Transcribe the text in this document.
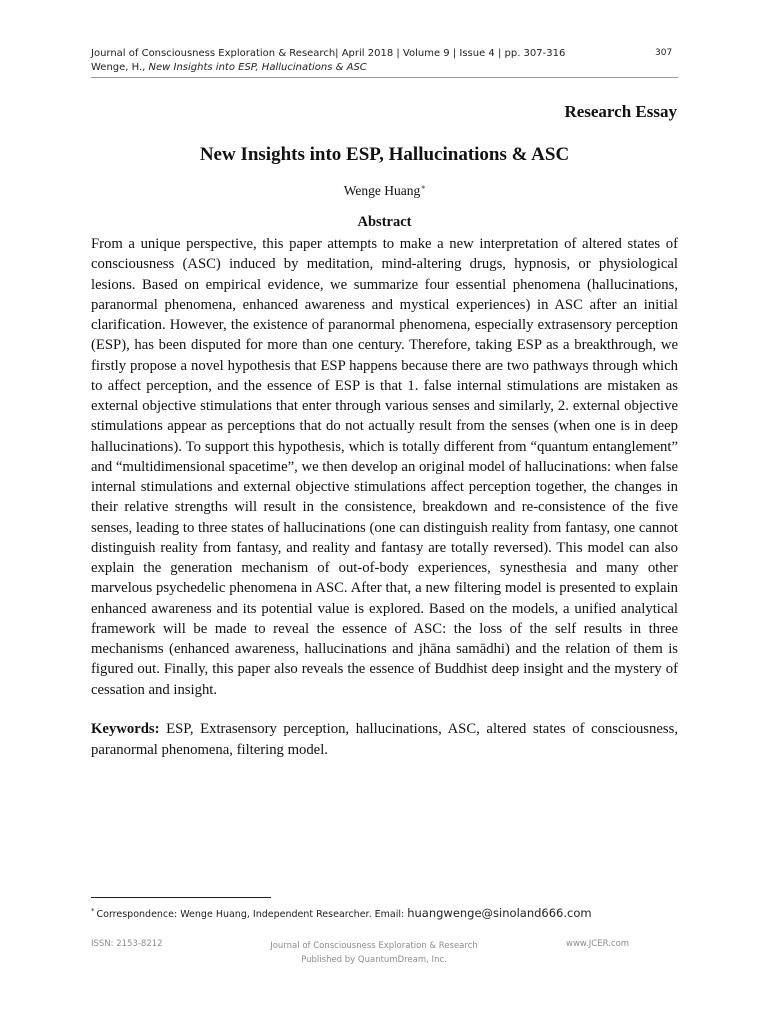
Journal of Consciousness Exploration & Research| April 2018 | Volume 9 | Issue 4 | pp. 307-316
Wenge, H., New Insights into ESP, Hallucinations & ASC
307
Research Essay
New Insights into ESP, Hallucinations & ASC
Wenge Huang*
Abstract

From a unique perspective, this paper attempts to make a new interpretation of altered states of consciousness (ASC) induced by meditation, mind-altering drugs, hypnosis, or physiological lesions. Based on empirical evidence, we summarize four essential phenomena (hallucinations, paranormal phenomena, enhanced awareness and mystical experiences) in ASC after an initial clarification. However, the existence of paranormal phenomena, especially extrasensory perception (ESP), has been disputed for more than one century. Therefore, taking ESP as a breakthrough, we firstly propose a novel hypothesis that ESP happens because there are two pathways through which to affect perception, and the essence of ESP is that 1. false internal stimulations are mistaken as external objective stimulations that enter through various senses and similarly, 2. external objective stimulations appear as perceptions that do not actually result from the senses (when one is in deep hallucinations). To support this hypothesis, which is totally different from “quantum entanglement” and “multidimensional spacetime”, we then develop an original model of hallucinations: when false internal stimulations and external objective stimulations affect perception together, the changes in their relative strengths will result in the consistence, breakdown and re-consistence of the five senses, leading to three states of hallucinations (one can distinguish reality from fantasy, one cannot distinguish reality from fantasy, and reality and fantasy are totally reversed). This model can also explain the generation mechanism of out-of-body experiences, synesthesia and many other marvelous psychedelic phenomena in ASC. After that, a new filtering model is presented to explain enhanced awareness and its potential value is explored. Based on the models, a unified analytical framework will be made to reveal the essence of ASC: the loss of the self results in three mechanisms (enhanced awareness, hallucinations and jhāna samādhi) and the relation of them is figured out. Finally, this paper also reveals the essence of Buddhist deep insight and the mystery of cessation and insight.

Keywords: ESP, Extrasensory perception, hallucinations, ASC, altered states of consciousness, paranormal phenomena, filtering model.

* Correspondence: Wenge Huang, Independent Researcher. Email: huangwenge@sinoland666.com
ISSN: 2153-8212	Journal of Consciousness Exploration & Research
Published by QuantumDream, Inc.
www.JCER.com
